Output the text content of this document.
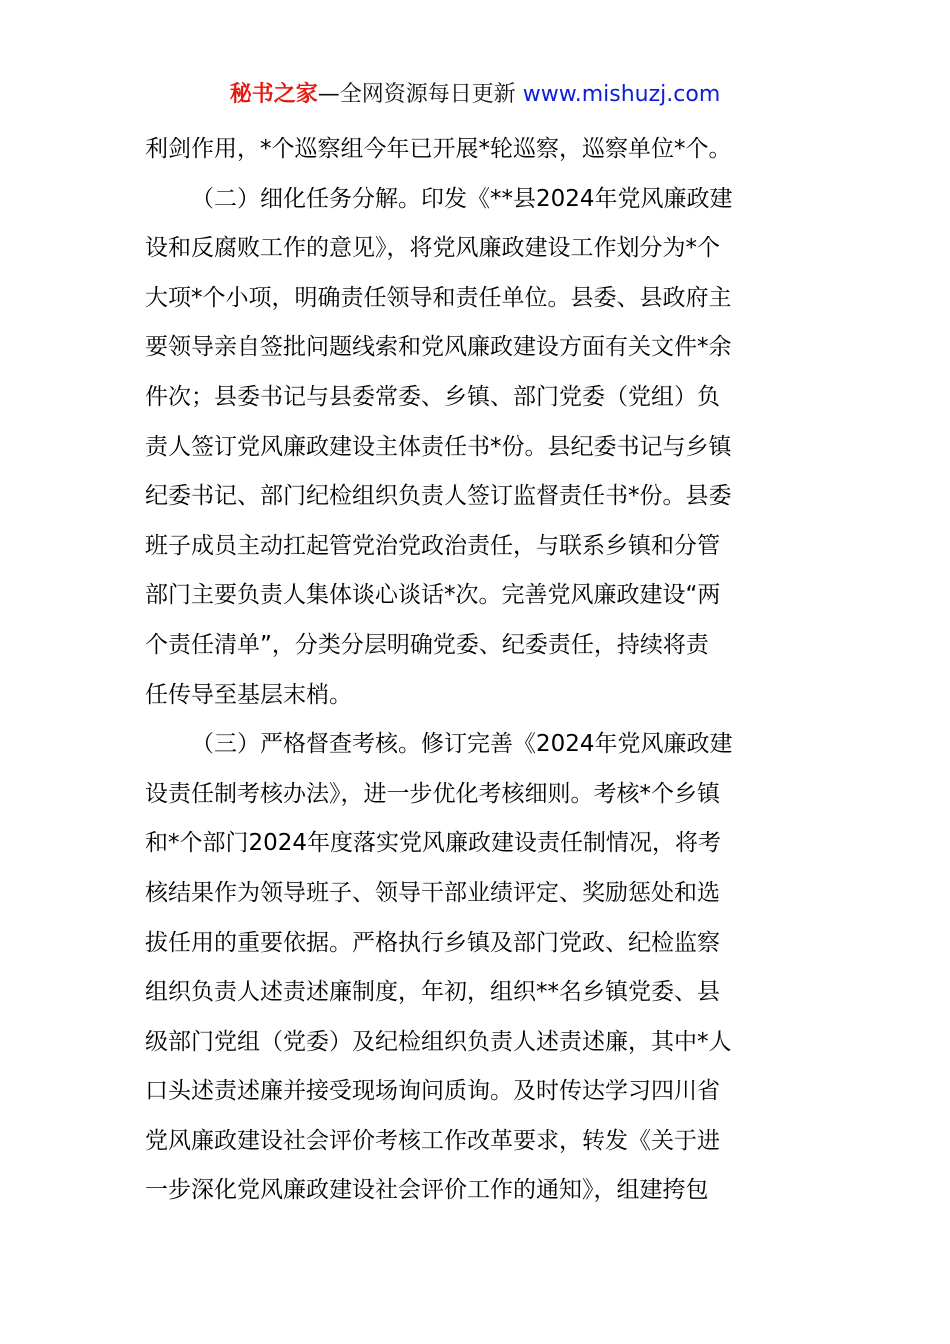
秘书之家—全网资源每日更新 www.mishuzj.com
利剑作用，*个巡察组今年已开展*轮巡察，巡察单位*个。
（二）细化任务分解。印发《**县2024年党风廉政建
设和反腐败工作的意见》，将党风廉政建设工作划分为*个
大项*个小项，明确责任领导和责任单位。县委、县政府主
要领导亲自签批问题线索和党风廉政建设方面有关文件*余
件次；县委书记与县委常委、乡镇、部门党委（党组）负
责人签订党风廉政建设主体责任书*份。县纪委书记与乡镇
纪委书记、部门纪检组织负责人签订监督责任书*份。县委
班子成员主动扛起管党治党政治责任，与联系乡镇和分管
部门主要负责人集体谈心谈话*次。完善党风廉政建设“两
个责任清单”，分类分层明确党委、纪委责任，持续将责
任传导至基层末梢。
（三）严格督查考核。修订完善《2024年党风廉政建
设责任制考核办法》，进一步优化考核细则。考核*个乡镇
和*个部门2024年度落实党风廉政建设责任制情况，将考
核结果作为领导班子、领导干部业绩评定、奖励惩处和选
拔任用的重要依据。严格执行乡镇及部门党政、纪检监察
组织负责人述责述廉制度，年初，组织**名乡镇党委、县
级部门党组（党委）及纪检组织负责人述责述廉，其中*人
口头述责述廉并接受现场询问质询。及时传达学习四川省
党风廉政建设社会评价考核工作改革要求，转发《关于进
一步深化党风廉政建设社会评价工作的通知》，组建挎包
